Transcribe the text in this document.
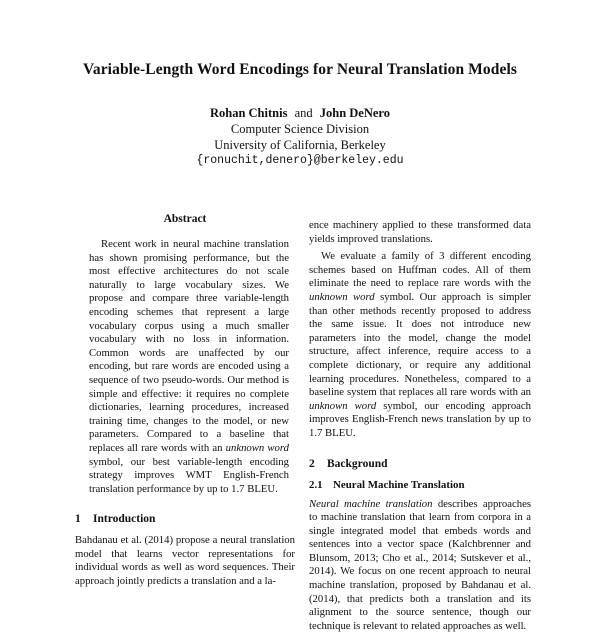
Variable-Length Word Encodings for Neural Translation Models
Rohan Chitnis and John DeNero
Computer Science Division
University of California, Berkeley
{ronuchit,denero}@berkeley.edu
Abstract

Recent work in neural machine translation has shown promising performance, but the most effective architectures do not scale naturally to large vocabulary sizes. We propose and compare three variable-length encoding schemes that represent a large vocabulary corpus using a much smaller vocabulary with no loss in information. Common words are unaffected by our encoding, but rare words are encoded using a sequence of two pseudo-words. Our method is simple and effective: it requires no complete dictionaries, learning procedures, increased training time, changes to the model, or new parameters. Compared to a baseline that replaces all rare words with an unknown word symbol, our best variable-length encoding strategy improves WMT English-French translation performance by up to 1.7 BLEU.

1 Introduction

Bahdanau et al. (2014) propose a neural translation model that learns vector representations for individual words as well as word sequences. Their approach jointly predicts a translation and a la-

ence machinery applied to these transformed data yields improved translations.

We evaluate a family of 3 different encoding schemes based on Huffman codes. All of them eliminate the need to replace rare words with the unknown word symbol. Our approach is simpler than other methods recently proposed to address the same issue. It does not introduce new parameters into the model, change the model structure, affect inference, require access to a complete dictionary, or require any additional learning procedures. Nonetheless, compared to a baseline system that replaces all rare words with an unknown word symbol, our encoding approach improves English-French news translation by up to 1.7 BLEU.

2 Background
2.1 Neural Machine Translation

Neural machine translation describes approaches to machine translation that learn from corpora in a single integrated model that embeds words and sentences into a vector space (Kalchbrenner and Blunsom, 2013; Cho et al., 2014; Sutskever et al., 2014). We focus on one recent approach to neural machine translation, proposed by Bahdanau et al. (2014), that predicts both a translation and its alignment to the source sentence, though our technique is relevant to related approaches as well.
